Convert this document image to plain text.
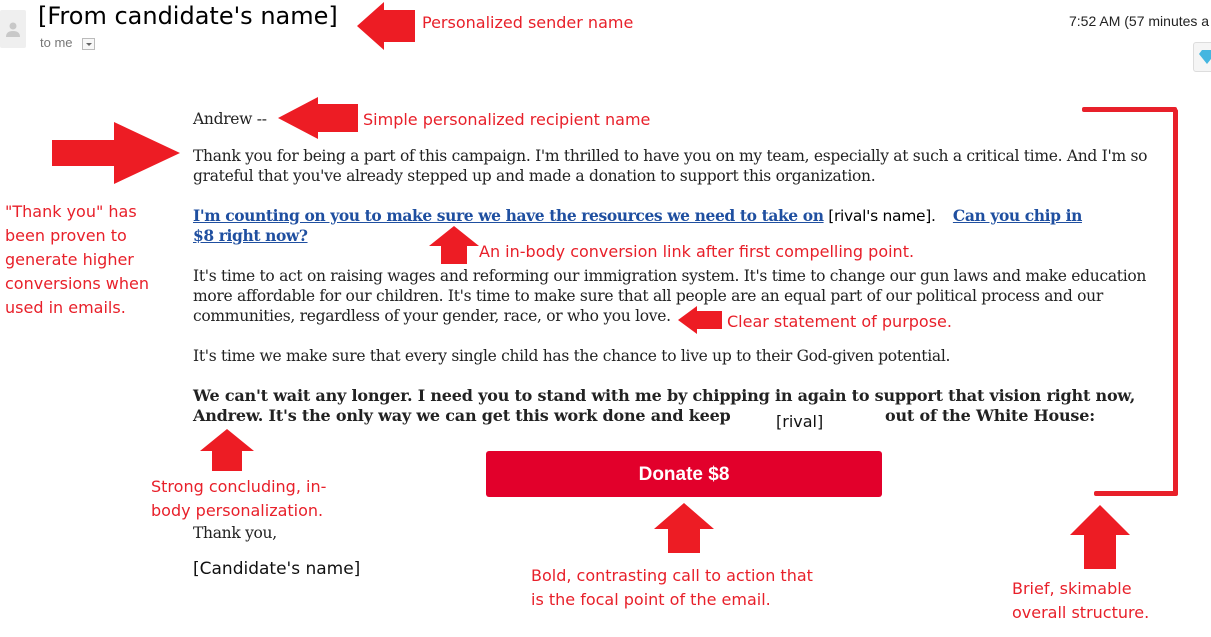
[From candidate's name]
to me
7:52 AM (57 minutes a
Personalized sender name
Andrew --	Simple personalized recipient name
"Thank you" has
been proven to
generate higher
conversions when
used in emails.
Thank you for being a part of this campaign. I'm thrilled to have you on my team, especially at such a critical time. And I'm so
grateful that you've already stepped up and made a donation to support this organization.
I'm counting on you to make sure we have the resources we need to take on [rival's name]. Can you chip in
$8 right now?
An in-body conversion link after first compelling point.
It's time to act on raising wages and reforming our immigration system. It's time to change our gun laws and make education
more affordable for our children. It's time to make sure that all people are an equal part of our political process and our
communities, regardless of your gender, race, or who you love.	Clear statement of purpose.
It's time we make sure that every single child has the chance to live up to their God-given potential.
We can't wait any longer. I need you to stand with me by chipping in again to support that vision right now,
Andrew. It's the only way we can get this work done and keep	[rival]	out of the White House:
Strong concluding, in-
body personalization.
Donate $8
Bold, contrasting call to action that
is the focal point of the email.
Thank you,
[Candidate's name]
Brief, skimable
overall structure.
